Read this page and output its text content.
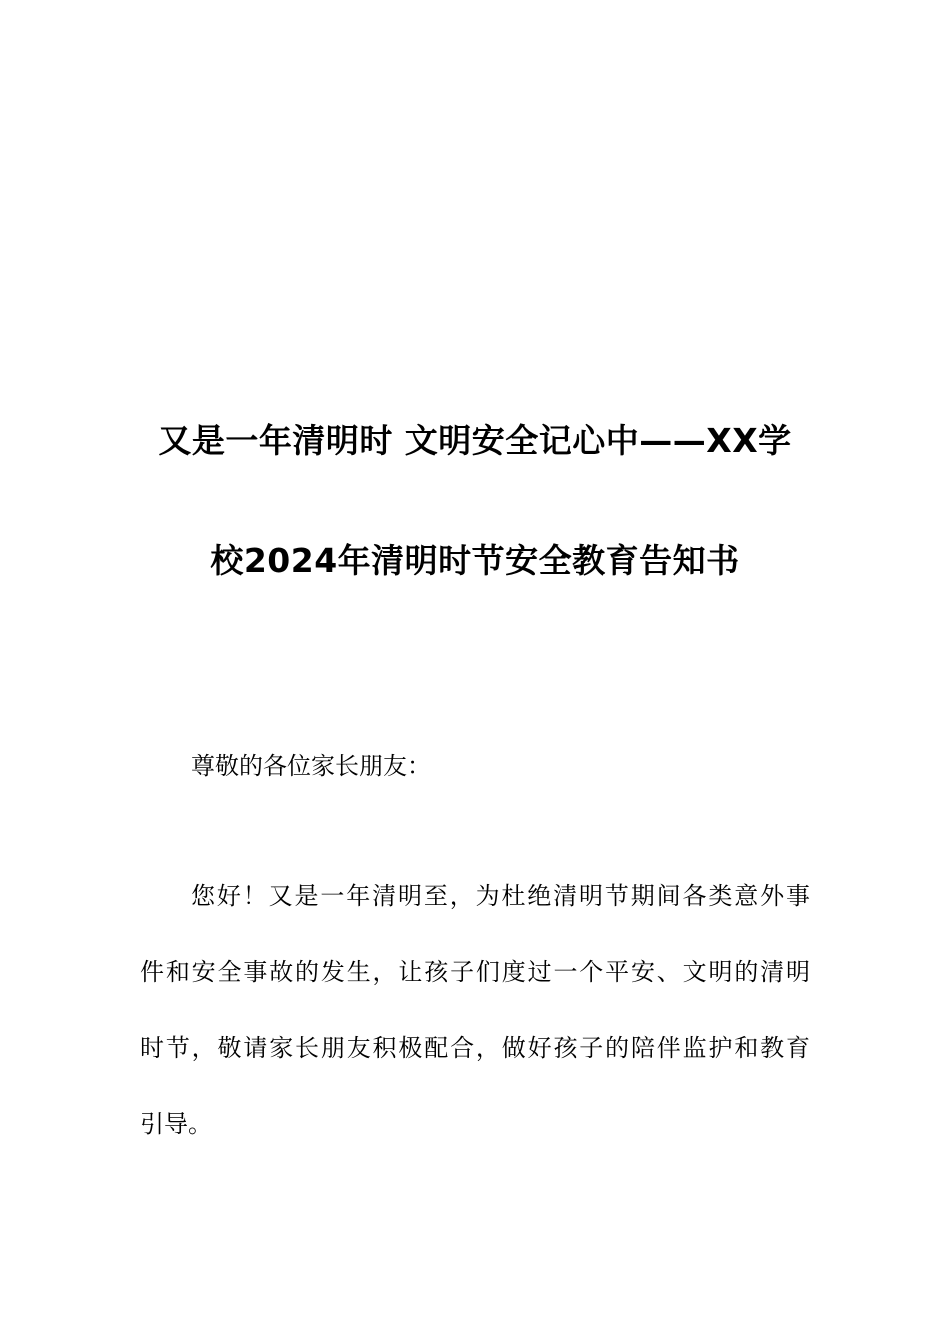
又是一年清明时 文明安全记心中——XX学
校2024年清明时节安全教育告知书
尊敬的各位家长朋友：
您好！又是一年清明至，为杜绝清明节期间各类意外事
件和安全事故的发生，让孩子们度过一个平安、文明的清明
时节，敬请家长朋友积极配合，做好孩子的陪伴监护和教育
引导。
